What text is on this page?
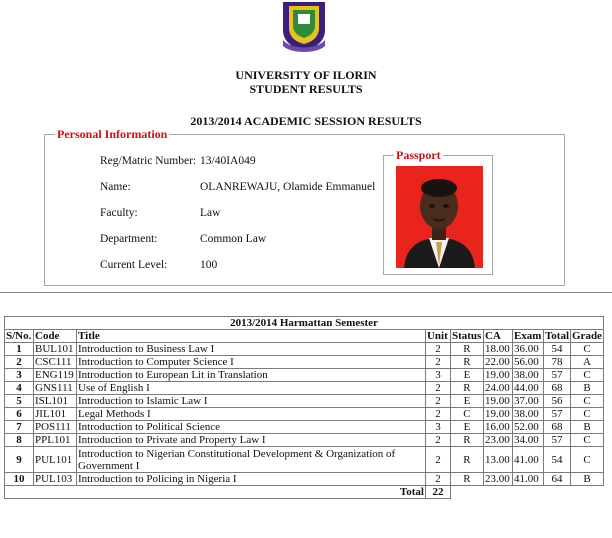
UNIVERSITY OF ILORIN
STUDENT RESULTS
2013/2014 ACADEMIC SESSION RESULTS
Personal Information
Reg/Matric Number: 13/40IA049
Name:	OLANREWAJU, Olamide Emmanuel
Faculty:	Law
Department:	Common Law
Current Level:	100
Passport
2013/2014 Harmattan Semester								
S/No.	Code	Title	Unit	Status	CA	Exam	Total	Grade
1	BUL101	Introduction to Business Law I	2	R	18.00	36.00	54	C
2	CSC111	Introduction to Computer Science I	2	R	22.00	56.00	78	A
3	ENG119	Introduction to European Lit in Translation	3	E	19.00	38.00	57	C
4	GNS111	Use of English I	2	R	24.00	44.00	68	B
5	ISL101	Introduction to Islamic Law I	2	E	19.00	37.00	56	C
6	JIL101	Legal Methods I	2	C	19.00	38.00	57	C
7	POS111	Introduction to Political Science	3	E	16.00	52.00	68	B
8	PPL101	Introduction to Private and Property Law I	2	R	23.00	34.00	57	C
9	PUL101	Introduction to Nigerian Constitutional Development & Organization of Government I	2	R	13.00	41.00	54	C
10	PUL103	Introduction to Policing in Nigeria I	2	R	23.00	41.00	64	B
Total			22					
